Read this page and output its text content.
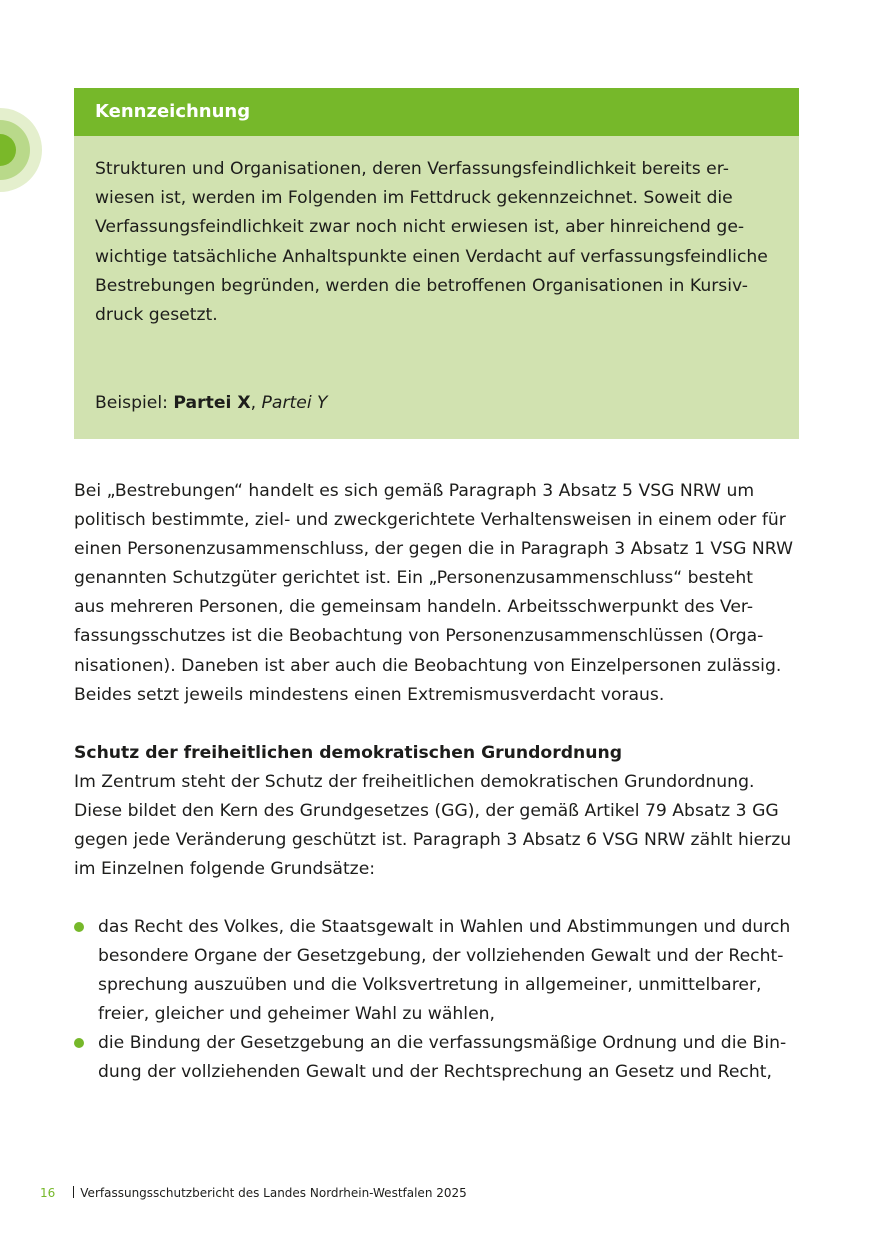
Kennzeichnung

Strukturen und Organisationen, deren Verfassungsfeindlichkeit bereits er-
wiesen ist, werden im Folgenden im Fettdruck gekennzeichnet. Soweit die
Verfassungsfeindlichkeit zwar noch nicht erwiesen ist, aber hinreichend ge-
wichtige tatsächliche Anhaltspunkte einen Verdacht auf verfassungsfeindliche
Bestrebungen begründen, werden die betroffenen Organisationen in Kursiv-
druck gesetzt.

Beispiel: Partei X, Partei Y

Bei „Bestrebungen“ handelt es sich gemäß Paragraph 3 Absatz 5 VSG NRW um
politisch bestimmte, ziel- und zweckgerichtete Verhaltensweisen in einem oder für
einen Personenzusammenschluss, der gegen die in Paragraph 3 Absatz 1 VSG NRW
genannten Schutzgüter gerichtet ist. Ein „Personenzusammenschluss“ besteht
aus mehreren Personen, die gemeinsam handeln. Arbeitsschwerpunkt des Ver-
fassungsschutzes ist die Beobachtung von Personenzusammenschlüssen (Orga-
nisationen). Daneben ist aber auch die Beobachtung von Einzelpersonen zulässig.
Beides setzt jeweils mindestens einen Extremismusverdacht voraus.

Schutz der freiheitlichen demokratischen Grundordnung

Im Zentrum steht der Schutz der freiheitlichen demokratischen Grundordnung.
Diese bildet den Kern des Grundgesetzes (GG), der gemäß Artikel 79 Absatz 3 GG
gegen jede Veränderung geschützt ist. Paragraph 3 Absatz 6 VSG NRW zählt hierzu
im Einzelnen folgende Grundsätze:

das Recht des Volkes, die Staatsgewalt in Wahlen und Abstimmungen und durch
besondere Organe der Gesetzgebung, der vollziehenden Gewalt und der Recht-
sprechung auszuüben und die Volksvertretung in allgemeiner, unmittelbarer,
freier, gleicher und geheimer Wahl zu wählen,
die Bindung der Gesetzgebung an die verfassungsmäßige Ordnung und die Bin-
dung der vollziehenden Gewalt und der Rechtsprechung an Gesetz und Recht,
16 Verfassungsschutzbericht des Landes Nordrhein-Westfalen 2025
